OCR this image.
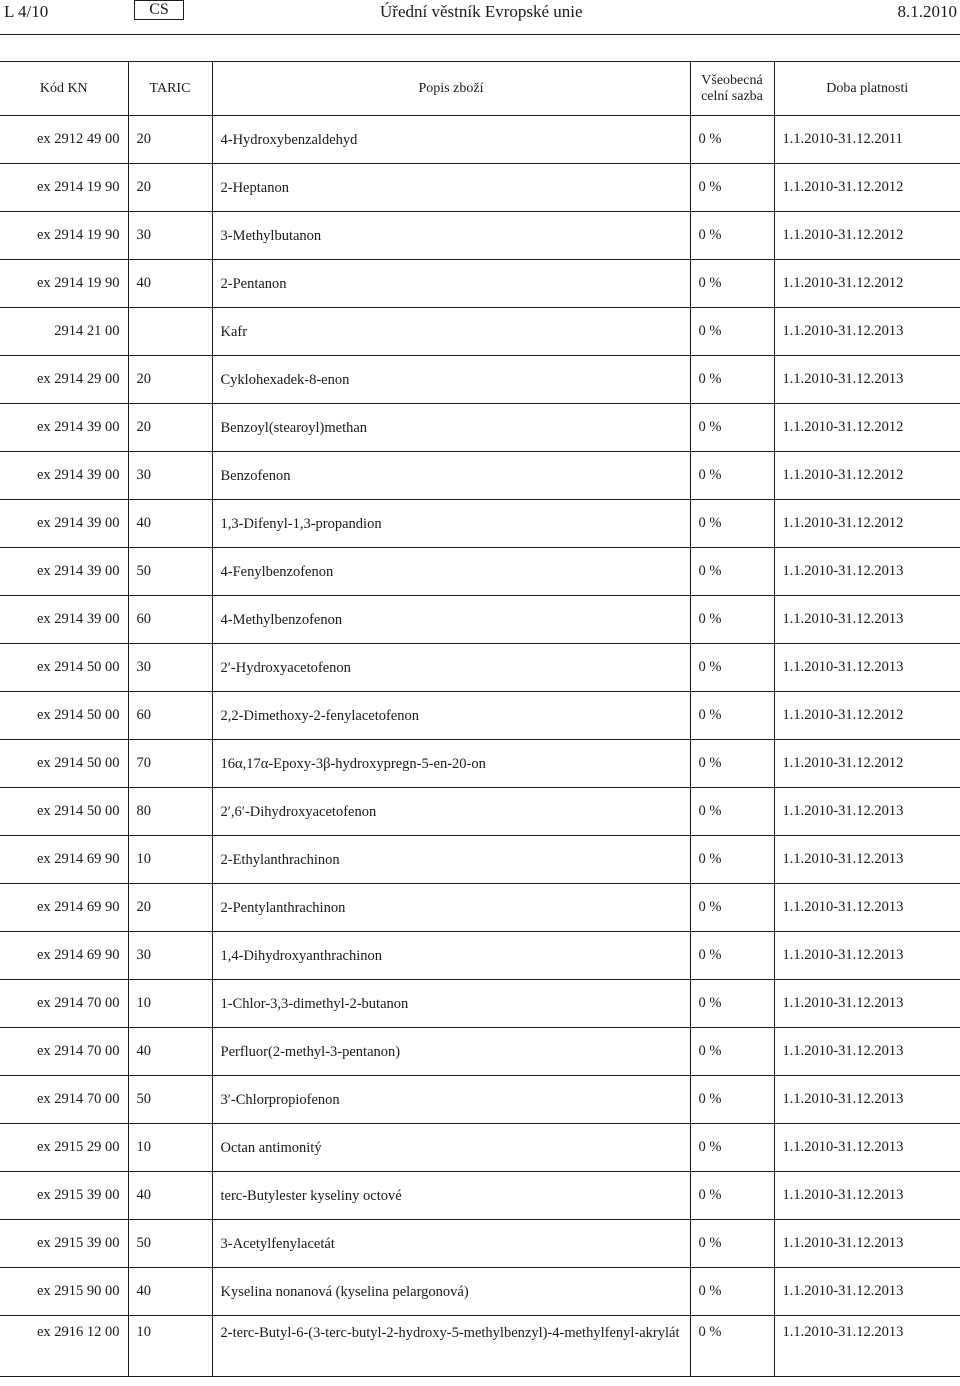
L 4/10	CS	Úřední věstník Evropské unie	8.1.2010
Kód KN	TARIC	Popis zboží	Všeobecná
celní sazba	Doba platnosti
ex 2912 49 00	20	4-Hydroxybenzaldehyd	0 %	1.1.2010-31.12.2011
ex 2914 19 90	20	2-Heptanon	0 %	1.1.2010-31.12.2012
ex 2914 19 90	30	3-Methylbutanon	0 %	1.1.2010-31.12.2012
ex 2914 19 90	40	2-Pentanon	0 %	1.1.2010-31.12.2012
2914 21 00		Kafr	0 %	1.1.2010-31.12.2013
ex 2914 29 00	20	Cyklohexadek-8-enon	0 %	1.1.2010-31.12.2013
ex 2914 39 00	20	Benzoyl(stearoyl)methan	0 %	1.1.2010-31.12.2012
ex 2914 39 00	30	Benzofenon	0 %	1.1.2010-31.12.2012
ex 2914 39 00	40	1,3-Difenyl-1,3-propandion	0 %	1.1.2010-31.12.2012
ex 2914 39 00	50	4-Fenylbenzofenon	0 %	1.1.2010-31.12.2013
ex 2914 39 00	60	4-Methylbenzofenon	0 %	1.1.2010-31.12.2013
ex 2914 50 00	30	2′-Hydroxyacetofenon	0 %	1.1.2010-31.12.2013
ex 2914 50 00	60	2,2-Dimethoxy-2-fenylacetofenon	0 %	1.1.2010-31.12.2012
ex 2914 50 00	70	16α,17α-Epoxy-3β-hydroxypregn-5-en-20-on	0 %	1.1.2010-31.12.2012
ex 2914 50 00	80	2′,6′-Dihydroxyacetofenon	0 %	1.1.2010-31.12.2013
ex 2914 69 90	10	2-Ethylanthrachinon	0 %	1.1.2010-31.12.2013
ex 2914 69 90	20	2-Pentylanthrachinon	0 %	1.1.2010-31.12.2013
ex 2914 69 90	30	1,4-Dihydroxyanthrachinon	0 %	1.1.2010-31.12.2013
ex 2914 70 00	10	1-Chlor-3,3-dimethyl-2-butanon	0 %	1.1.2010-31.12.2013
ex 2914 70 00	40	Perfluor(2-methyl-3-pentanon)	0 %	1.1.2010-31.12.2013
ex 2914 70 00	50	3′-Chlorpropiofenon	0 %	1.1.2010-31.12.2013
ex 2915 29 00	10	Octan antimonitý	0 %	1.1.2010-31.12.2013
ex 2915 39 00	40	terc-Butylester kyseliny octové	0 %	1.1.2010-31.12.2013
ex 2915 39 00	50	3-Acetylfenylacetát	0 %	1.1.2010-31.12.2013
ex 2915 90 00	40	Kyselina nonanová (kyselina pelargonová)	0 %	1.1.2010-31.12.2013
ex 2916 12 00	10	2-terc-Butyl-6-(3-terc-butyl-2-hydroxy-5-methylbenzyl)-4-methylfenyl-akrylát	0 %	1.1.2010-31.12.2013
